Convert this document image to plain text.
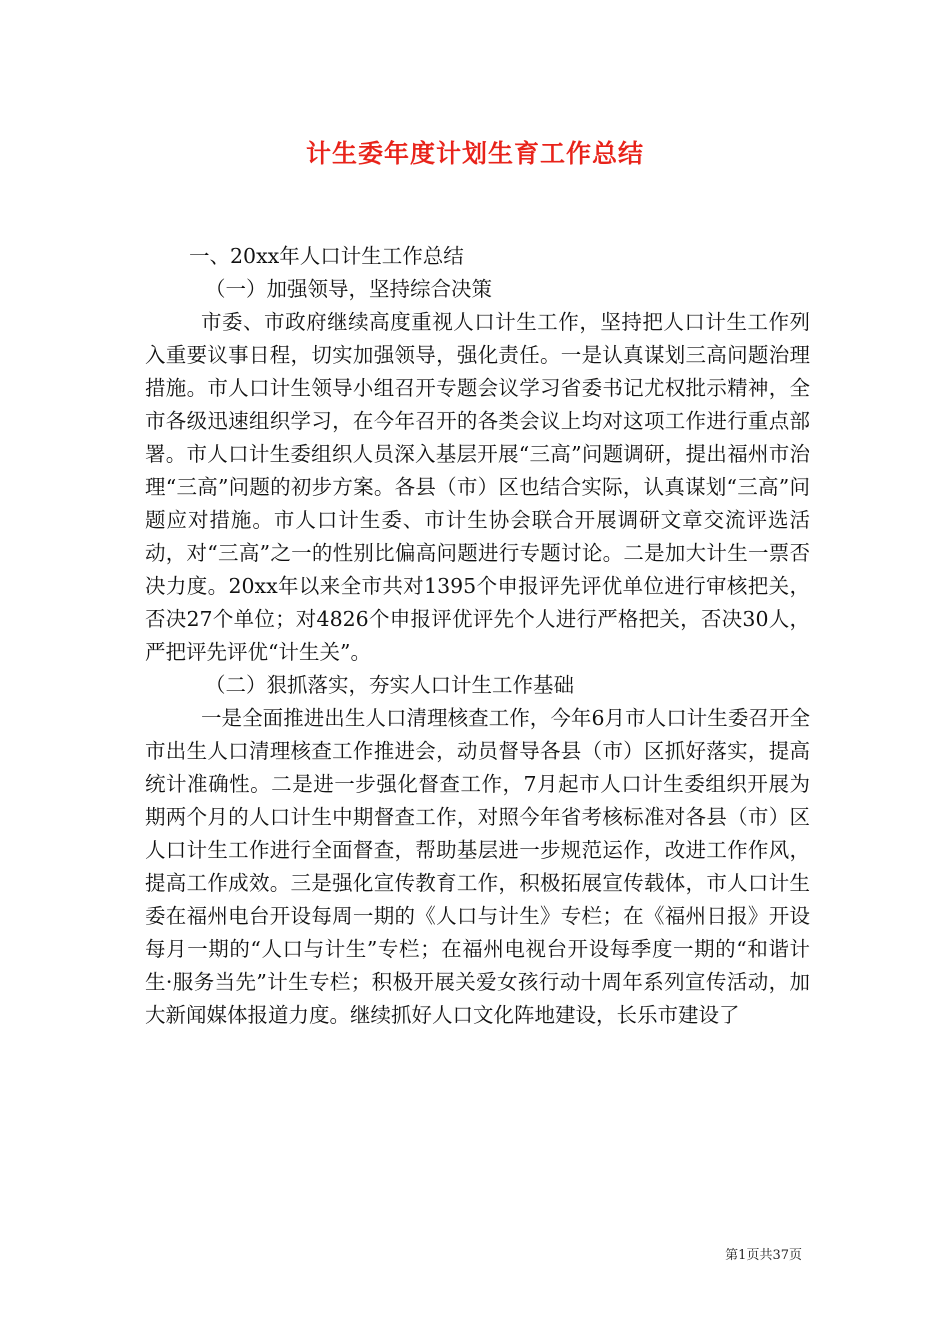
计生委年度计划生育工作总结

一、20xx年人口计生工作总结

（一）加强领导，坚持综合决策

市委、市政府继续高度重视人口计生工作，坚持把人口计生工作列入重要议事日程，切实加强领导，强化责任。一是认真谋划三高问题治理措施。市人口计生领导小组召开专题会议学习省委书记尤权批示精神，全市各级迅速组织学习，在今年召开的各类会议上均对这项工作进行重点部署。市人口计生委组织人员深入基层开展“三高”问题调研，提出福州市治理“三高”问题的初步方案。各县（市）区也结合实际，认真谋划“三高”问题应对措施。市人口计生委、市计生协会联合开展调研文章交流评选活动，对“三高”之一的性别比偏高问题进行专题讨论。二是加大计生一票否决力度。20xx年以来全市共对1395个申报评先评优单位进行审核把关，否决27个单位；对4826个申报评优评先个人进行严格把关，否决30人，严把评先评优“计生关”。

（二）狠抓落实，夯实人口计生工作基础

一是全面推进出生人口清理核查工作，今年6月市人口计生委召开全市出生人口清理核查工作推进会，动员督导各县（市）区抓好落实，提高统计准确性。二是进一步强化督查工作，7月起市人口计生委组织开展为期两个月的人口计生中期督查工作，对照今年省考核标准对各县（市）区人口计生工作进行全面督查，帮助基层进一步规范运作，改进工作作风，提高工作成效。三是强化宣传教育工作，积极拓展宣传载体，市人口计生委在福州电台开设每周一期的《人口与计生》专栏；在《福州日报》开设每月一期的“人口与计生”专栏；在福州电视台开设每季度一期的“和谐计生·服务当先”计生专栏；积极开展关爱女孩行动十周年系列宣传活动，加大新闻媒体报道力度。继续抓好人口文化阵地建设，长乐市建设了

第1页共37页
